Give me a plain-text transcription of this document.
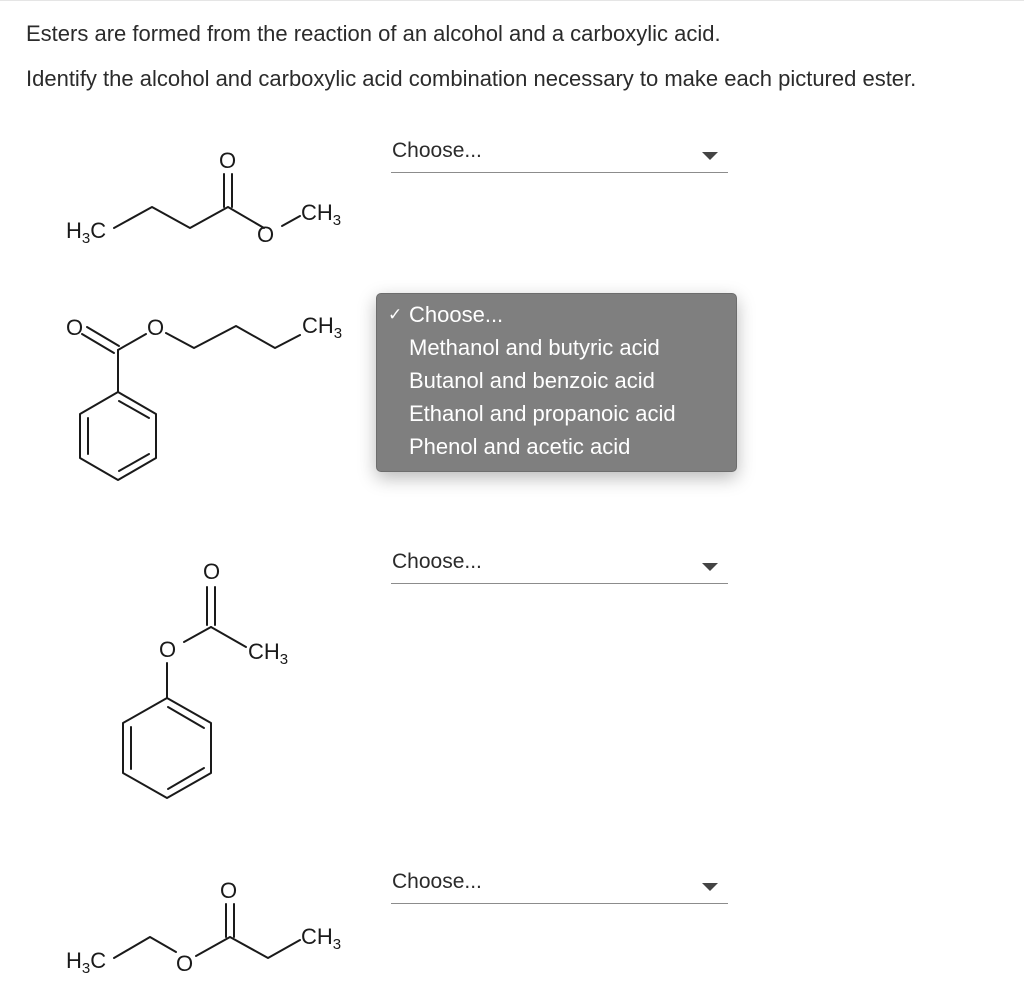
Esters are formed from the reaction of an alcohol and a carboxylic acid.
Identify the alcohol and carboxylic acid combination necessary to make each pictured ester.
$H_3C$
O
O
$CH_3$
Choose...
O	O	$CH_3$
O
O	$CH_3$
Choose...
$H_3C$	O
O
$CH_3$
Choose...
✓ Choose...
Methanol and butyric acid
Butanol and benzoic acid
Ethanol and propanoic acid
Phenol and acetic acid
